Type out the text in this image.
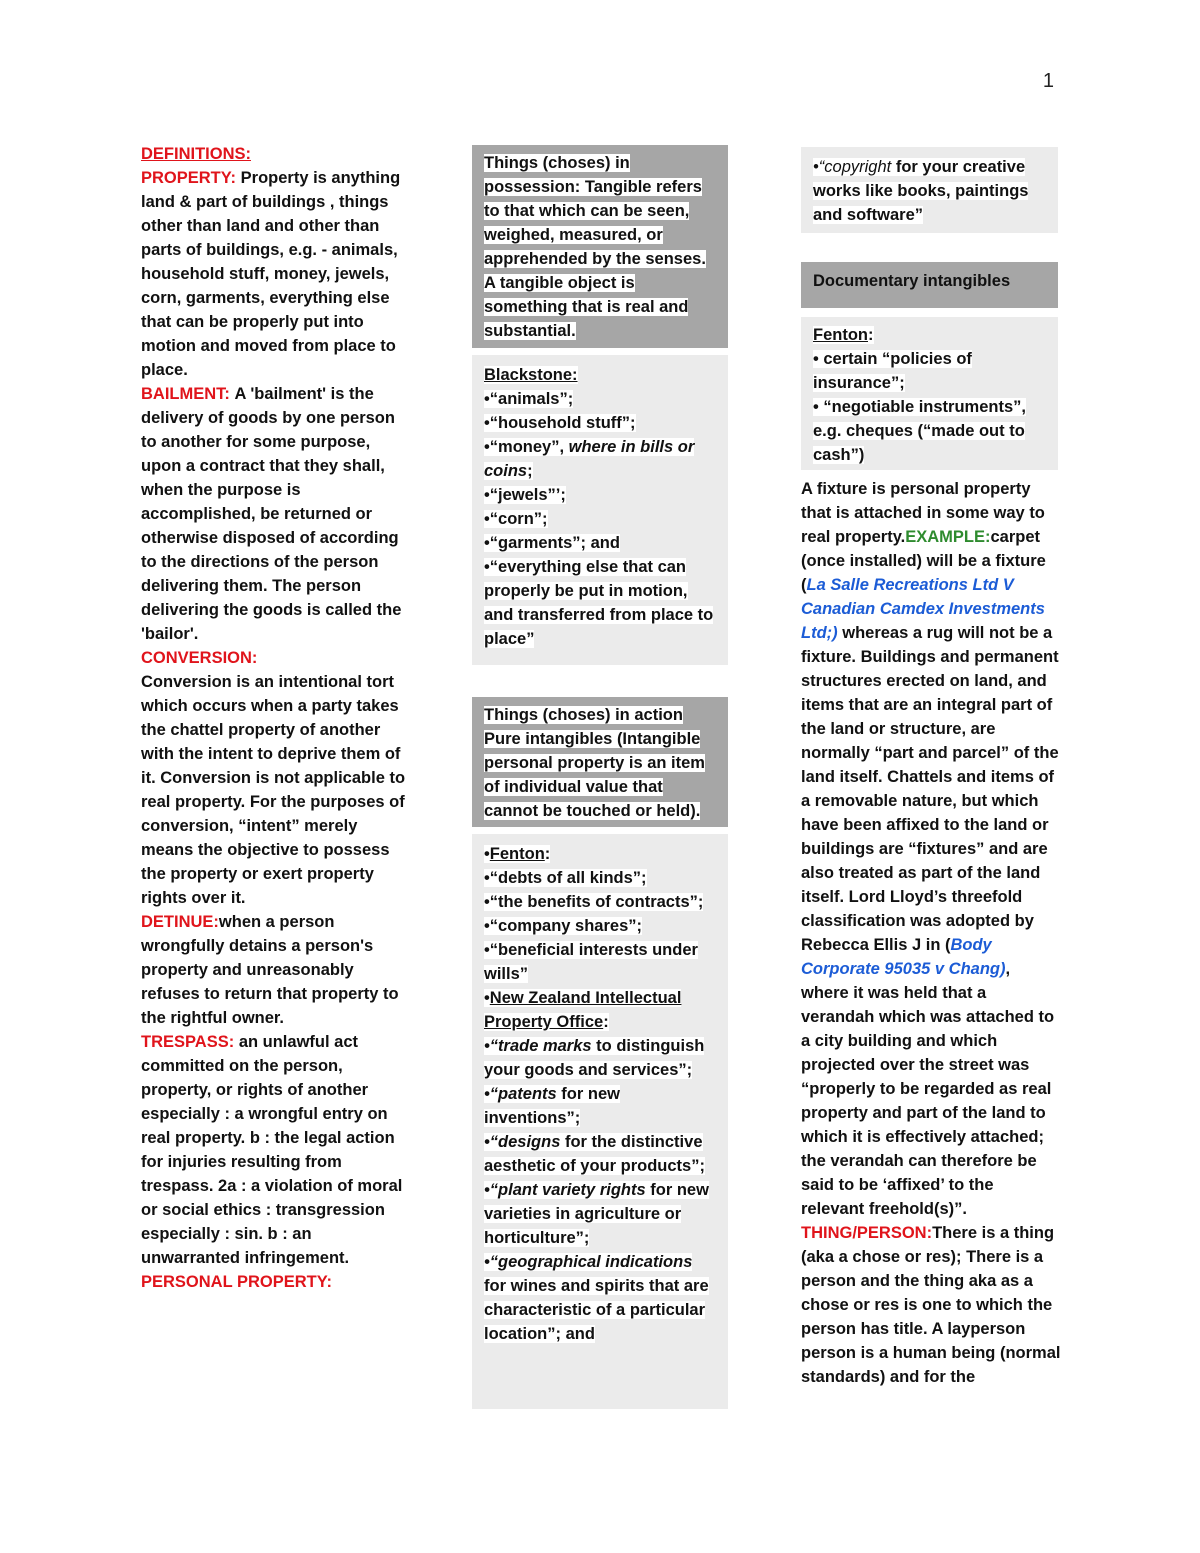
1
DEFINITIONS:
PROPERTY: Property is anything land & part of buildings , things other than land and other than parts of buildings, e.g. - animals, household stuff, money, jewels, corn, garments, everything else that can be properly put into motion and moved from place to place.
BAILMENT: A 'bailment' is the delivery of goods by one person to another for some purpose, upon a contract that they shall, when the purpose is accomplished, be returned or otherwise disposed of according to the directions of the person delivering them. The person delivering the goods is called the 'bailor'.
CONVERSION:
Conversion is an intentional tort which occurs when a party takes the chattel property of another with the intent to deprive them of it. Conversion is not applicable to real property. For the purposes of conversion, “intent” merely means the objective to possess the property or exert property rights over it.
DETINUE:when a person wrongfully detains a person's property and unreasonably refuses to return that property to the rightful owner.
TRESPASS: an unlawful act committed on the person, property, or rights of another especially : a wrongful entry on real property. b : the legal action for injuries resulting from trespass. 2a : a violation of moral or social ethics : transgression especially : sin. b : an unwarranted infringement.
PERSONAL PROPERTY:
Things (choses) in possession: Tangible refers to that which can be seen, weighed, measured, or apprehended by the senses. A tangible object is something that is real and substantial.
Blackstone:
•“animals”;
•“household stuff”;
•“money”, where in bills or coins;
•“jewels”’;
•“corn”;
•“garments”; and
•“everything else that can properly be put in motion, and transferred from place to place”
Things (choses) in action Pure intangibles (Intangible personal property is an item of individual value that cannot be touched or held).
•Fenton:
•“debts of all kinds”;
•“the benefits of contracts”;
•“company shares”;
•“beneficial interests under wills”
•New Zealand Intellectual Property Office:
•“trade marks to distinguish your goods and services”;
•“patents for new inventions”;
•“designs for the distinctive aesthetic of your products”;
•“plant variety rights for new varieties in agriculture or horticulture”;
•“geographical indications for wines and spirits that are characteristic of a particular location”; and
•“copyright for your creative works like books, paintings and software”
Documentary intangibles
Fenton:
• certain “policies of insurance”;
• “negotiable instruments”, e.g. cheques (“made out to cash”)
A fixture is personal property that is attached in some way to real property.EXAMPLE:carpet (once installed) will be a fixture (La Salle Recreations Ltd V Canadian Camdex Investments Ltd;) whereas a rug will not be a fixture. Buildings and permanent structures erected on land, and items that are an integral part of the land or structure, are normally “part and parcel” of the land itself. Chattels and items of a removable nature, but which have been affixed to the land or buildings are “fixtures” and are also treated as part of the land itself. Lord Lloyd’s threefold classification was adopted by Rebecca Ellis J in (Body Corporate 95035 v Chang), where it was held that a verandah which was attached to a city building and which projected over the street was “properly to be regarded as real property and part of the land to which it is effectively attached; the verandah can therefore be said to be ‘affixed’ to the relevant freehold(s)”.
THING/PERSON:There is a thing (aka a chose or res); There is a person and the thing aka as a chose or res is one to which the person has title. A layperson person is a human being (normal standards) and for the
